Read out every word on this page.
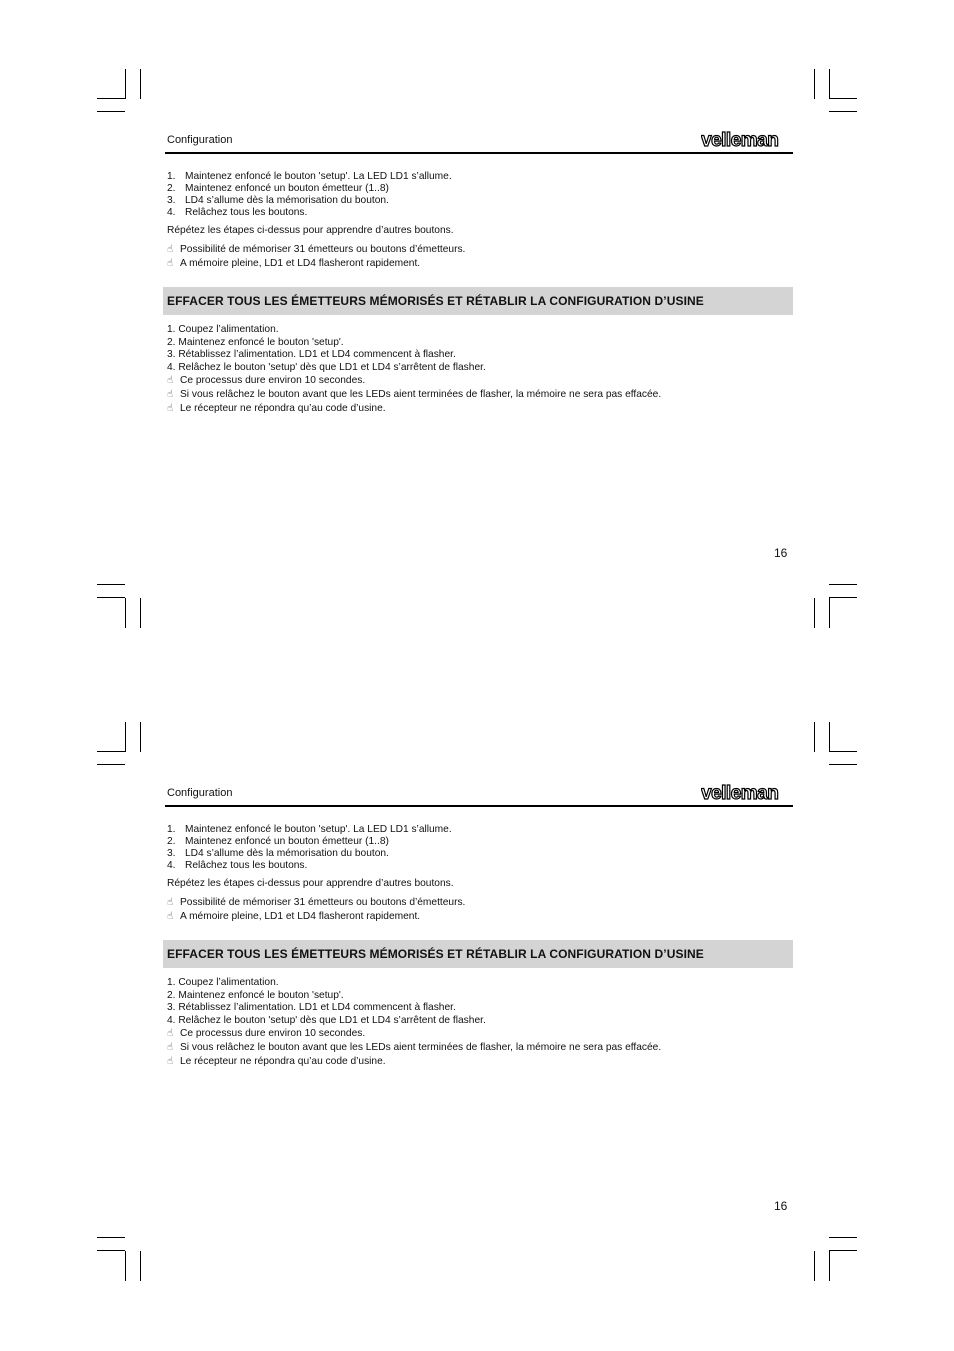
Configuration	velleman
1. Maintenez enfoncé le bouton 'setup'. La LED LD1 s’allume.
2. Maintenez enfoncé un bouton émetteur (1..8)
3. LD4 s’allume dès la mémorisation du bouton.
4. Relâchez tous les boutons.
Répétez les étapes ci-dessus pour apprendre d’autres boutons.
☝ Possibilité de mémoriser 31 émetteurs ou boutons d’émetteurs.
☝ A mémoire pleine, LD1 et LD4 flasheront rapidement.
EFFACER TOUS LES ÉMETTEURS MÉMORISÉS ET RÉTABLIR LA CONFIGURATION D’USINE
1. Coupez l’alimentation.
2. Maintenez enfoncé le bouton 'setup'.
3. Rétablissez l’alimentation. LD1 et LD4 commencent à flasher.
4. Relâchez le bouton 'setup' dès que LD1 et LD4 s’arrêtent de flasher.
☝ Ce processus dure environ 10 secondes.
☝ Si vous relâchez le bouton avant que les LEDs aient terminées de flasher, la mémoire ne sera pas effacée.
☝ Le récepteur ne répondra qu’au code d’usine.
16
Configuration	velleman
1. Maintenez enfoncé le bouton 'setup'. La LED LD1 s’allume.
2. Maintenez enfoncé un bouton émetteur (1..8)
3. LD4 s’allume dès la mémorisation du bouton.
4. Relâchez tous les boutons.
Répétez les étapes ci-dessus pour apprendre d’autres boutons.
☝ Possibilité de mémoriser 31 émetteurs ou boutons d’émetteurs.
☝ A mémoire pleine, LD1 et LD4 flasheront rapidement.
EFFACER TOUS LES ÉMETTEURS MÉMORISÉS ET RÉTABLIR LA CONFIGURATION D’USINE
1. Coupez l’alimentation.
2. Maintenez enfoncé le bouton 'setup'.
3. Rétablissez l’alimentation. LD1 et LD4 commencent à flasher.
4. Relâchez le bouton 'setup' dès que LD1 et LD4 s’arrêtent de flasher.
☝ Ce processus dure environ 10 secondes.
☝ Si vous relâchez le bouton avant que les LEDs aient terminées de flasher, la mémoire ne sera pas effacée.
☝ Le récepteur ne répondra qu’au code d’usine.
16
